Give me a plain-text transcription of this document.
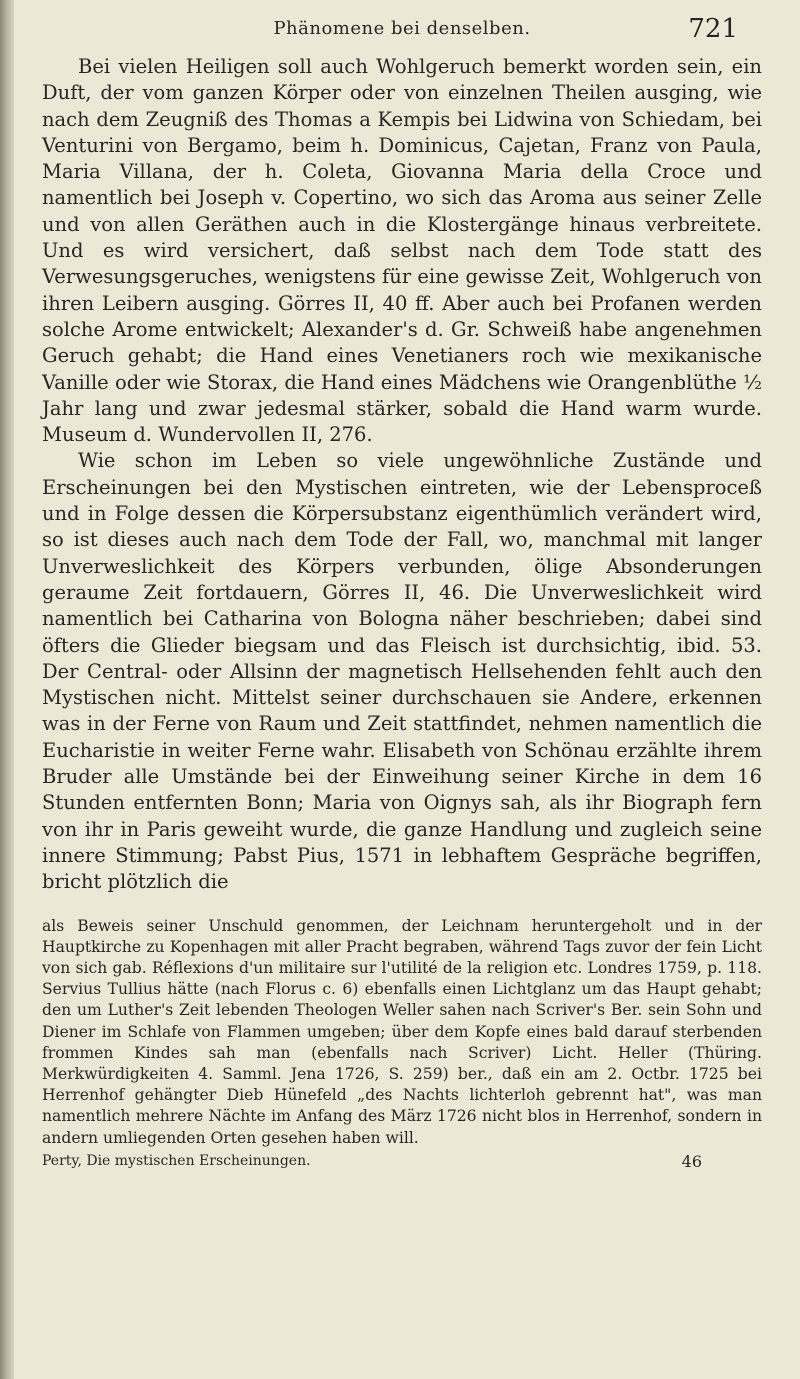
Phänomene bei denselben.	721

Bei vielen Heiligen soll auch Wohlgeruch bemerkt worden sein, ein Duft, der vom ganzen Körper oder von einzelnen Theilen ausging, wie nach dem Zeugniß des Thomas a Kempis bei Lidwina von Schiedam, bei Venturini von Bergamo, beim h. Dominicus, Cajetan, Franz von Paula, Maria Villana, der h. Coleta, Giovanna Maria della Croce und namentlich bei Joseph v. Copertino, wo sich das Aroma aus seiner Zelle und von allen Geräthen auch in die Klostergänge hinaus verbreitete. Und es wird versichert, daß selbst nach dem Tode statt des Verwesungsgeruches, wenigstens für eine gewisse Zeit, Wohlgeruch von ihren Leibern ausging. Görres II, 40 ff. Aber auch bei Profanen werden solche Arome entwickelt; Alexander's d. Gr. Schweiß habe angenehmen Geruch gehabt; die Hand eines Venetianers roch wie mexikanische Vanille oder wie Storax, die Hand eines Mädchens wie Orangenblüthe ½ Jahr lang und zwar jedesmal stärker, sobald die Hand warm wurde. Museum d. Wundervollen II, 276.

Wie schon im Leben so viele ungewöhnliche Zustände und Erscheinungen bei den Mystischen eintreten, wie der Lebensproceß und in Folge dessen die Körpersubstanz eigenthümlich verändert wird, so ist dieses auch nach dem Tode der Fall, wo, manchmal mit langer Unverweslichkeit des Körpers verbunden, ölige Absonderungen geraume Zeit fortdauern, Görres II, 46. Die Unverweslichkeit wird namentlich bei Catharina von Bologna näher beschrieben; dabei sind öfters die Glieder biegsam und das Fleisch ist durchsichtig, ibid. 53. Der Central- oder Allsinn der magnetisch Hellsehenden fehlt auch den Mystischen nicht. Mittelst seiner durchschauen sie Andere, erkennen was in der Ferne von Raum und Zeit stattfindet, nehmen namentlich die Eucharistie in weiter Ferne wahr. Elisabeth von Schönau erzählte ihrem Bruder alle Umstände bei der Einweihung seiner Kirche in dem 16 Stunden entfernten Bonn; Maria von Oignys sah, als ihr Biograph fern von ihr in Paris geweiht wurde, die ganze Handlung und zugleich seine innere Stimmung; Pabst Pius, 1571 in lebhaftem Gespräche begriffen, bricht plötzlich die

als Beweis seiner Unschuld genommen, der Leichnam heruntergeholt und in der Hauptkirche zu Kopenhagen mit aller Pracht begraben, während Tags zuvor der fein Licht von sich gab. Réflexions d'un militaire sur l'utilité de la religion etc. Londres 1759, p. 118. Servius Tullius hätte (nach Florus c. 6) ebenfalls einen Lichtglanz um das Haupt gehabt; den um Luther's Zeit lebenden Theologen Weller sahen nach Scriver's Ber. sein Sohn und Diener im Schlafe von Flammen umgeben; über dem Kopfe eines bald darauf sterbenden frommen Kindes sah man (ebenfalls nach Scriver) Licht. Heller (Thüring. Merkwürdigkeiten 4. Samml. Jena 1726, S. 259) ber., daß ein am 2. Octbr. 1725 bei Herrenhof gehängter Dieb Hünefeld „des Nachts lichterloh gebrennt hat", was man namentlich mehrere Nächte im Anfang des März 1726 nicht blos in Herrenhof, sondern in andern umliegenden Orten gesehen haben will.
Perty, Die mystischen Erscheinungen.	46
